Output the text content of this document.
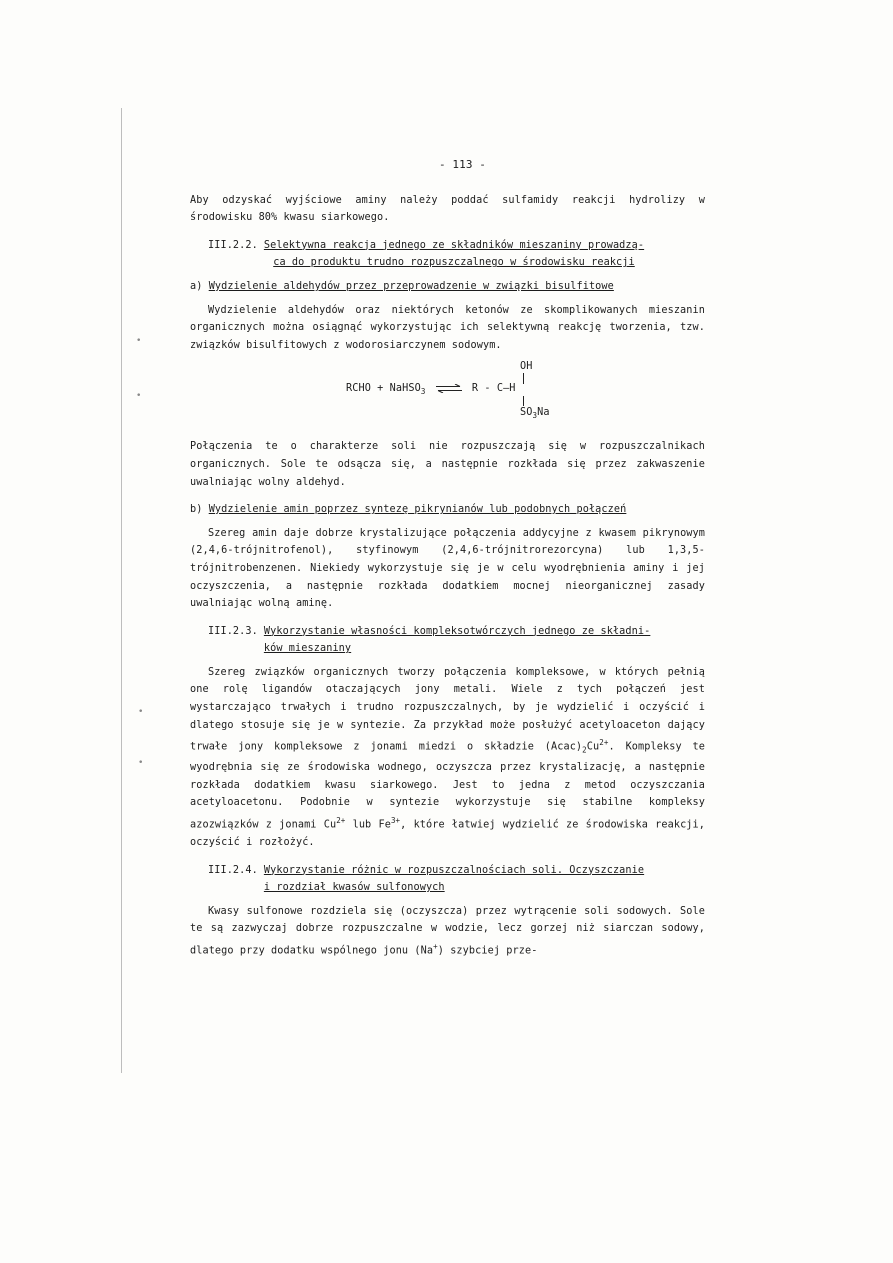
•
•
•
•
- 113 -

Aby odzyskać wyjściowe aminy należy poddać sulfamidy reakcji hydrolizy w środowisku 80% kwasu siarkowego.

III.2.2. Selektywna reakcja jednego ze składników mieszaniny prowadzą-
ca do produktu trudno rozpuszczalnego w środowisku reakcji
a) Wydzielenie aldehydów przez przeprowadzenie w związki bisulfitowe

Wydzielenie aldehydów oraz niektórych ketonów ze skomplikowanych mieszanin organicznych można osiągnąć wykorzystując ich selektywną reakcję tworzenia, tzw. związków bisulfitowych z wodorosiarczynem sodowym.

OH
RCHO + NaHSO$_3$ ⇌ R - C—H
$SO_3Na$

Połączenia te o charakterze soli nie rozpuszczają się w rozpuszczalnikach organicznych. Sole te odsącza się, a następnie rozkłada się przez zakwaszenie uwalniając wolny aldehyd.

b) Wydzielenie amin poprzez syntezę pikrynianów lub podobnych połączeń

Szereg amin daje dobrze krystalizujące połączenia addycyjne z kwasem pikrynowym (2,4,6-trójnitrofenol), styfinowym (2,4,6-trójnitrorezorcyna) lub 1,3,5-trójnitrobenzenen. Niekiedy wykorzystuje się je w celu wyodrębnienia aminy i jej oczyszczenia, a następnie rozkłada dodatkiem mocnej nieorganicznej zasady uwalniając wolną aminę.

III.2.3. Wykorzystanie własności kompleksotwórczych jednego ze składni-
ków mieszaniny

Szereg związków organicznych tworzy połączenia kompleksowe, w których pełnią one rolę ligandów otaczających jony metali. Wiele z tych połączeń jest wystarczająco trwałych i trudno rozpuszczalnych, by je wydzielić i oczyścić i dlatego stosuje się je w syntezie. Za przykład może posłużyć acetyloaceton dający trwałe jony kompleksowe z jonami miedzi o składzie $(Acac)_2Cu^{2+}$. Kompleksy te wyodrębnia się ze środowiska wodnego, oczyszcza przez krystalizację, a następnie rozkłada dodatkiem kwasu siarkowego. Jest to jedna z metod oczyszczania acetyloacetonu. Podobnie w syntezie wykorzystuje się stabilne kompleksy azozwiązków z jonami $Cu^{2+}$ lub $Fe^{3+}$, które łatwiej wydzielić ze środowiska reakcji, oczyścić i rozłożyć.

III.2.4. Wykorzystanie różnic w rozpuszczalnościach soli. Oczyszczanie
i rozdział kwasów sulfonowych

Kwasy sulfonowe rozdziela się (oczyszcza) przez wytrącenie soli sodowych. Sole te są zazwyczaj dobrze rozpuszczalne w wodzie, lecz gorzej niż siarczan sodowy, dlatego przy dodatku wspólnego jonu (Na+) szybciej prze-
